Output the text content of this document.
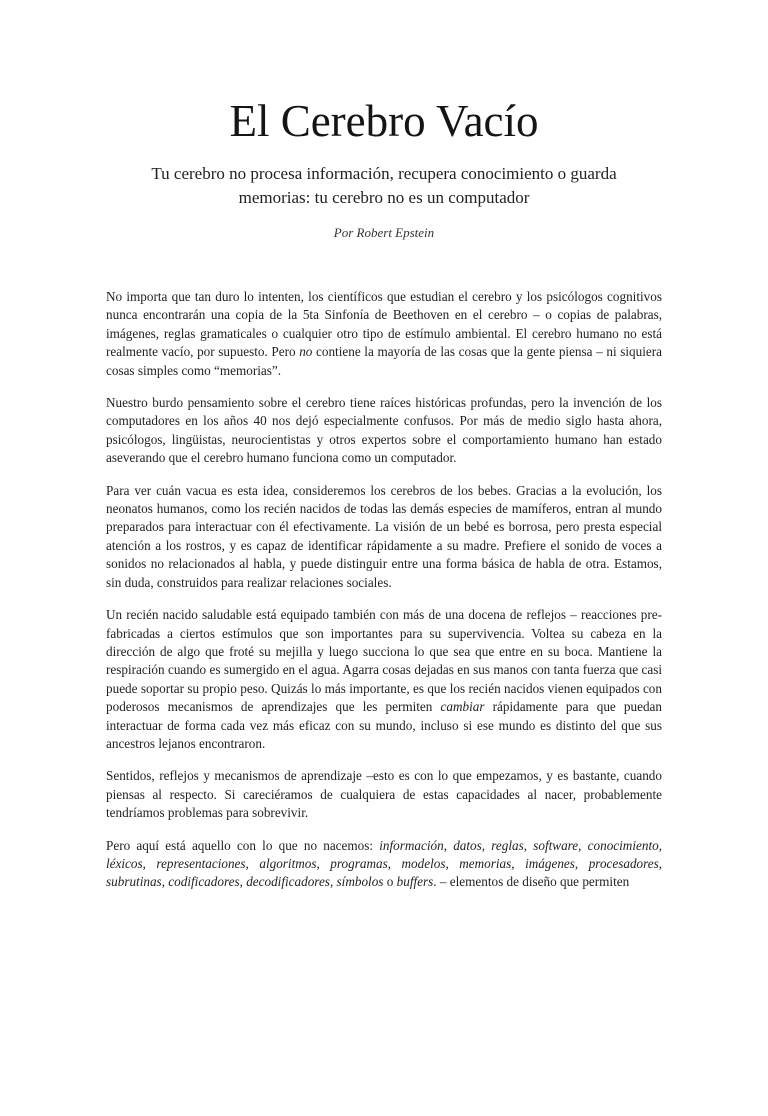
El Cerebro Vacío
Tu cerebro no procesa información, recupera conocimiento o guarda memorias: tu cerebro no es un computador
Por Robert Epstein

No importa que tan duro lo intenten, los científicos que estudian el cerebro y los psicólogos cognitivos nunca encontrarán una copia de la 5ta Sinfonía de Beethoven en el cerebro – o copias de palabras, imágenes, reglas gramaticales o cualquier otro tipo de estímulo ambiental. El cerebro humano no está realmente vacío, por supuesto. Pero no contiene la mayoría de las cosas que la gente piensa – ni siquiera cosas simples como “memorias”.

Nuestro burdo pensamiento sobre el cerebro tiene raíces históricas profundas, pero la invención de los computadores en los años 40 nos dejó especialmente confusos. Por más de medio siglo hasta ahora, psicólogos, lingüistas, neurocientistas y otros expertos sobre el comportamiento humano han estado aseverando que el cerebro humano funciona como un computador.

Para ver cuán vacua es esta idea, consideremos los cerebros de los bebes. Gracias a la evolución, los neonatos humanos, como los recién nacidos de todas las demás especies de mamíferos, entran al mundo preparados para interactuar con él efectivamente. La visión de un bebé es borrosa, pero presta especial atención a los rostros, y es capaz de identificar rápidamente a su madre. Prefiere el sonido de voces a sonidos no relacionados al habla, y puede distinguir entre una forma básica de habla de otra. Estamos, sin duda, construidos para realizar relaciones sociales.

Un recién nacido saludable está equipado también con más de una docena de reflejos – reacciones pre-fabricadas a ciertos estímulos que son importantes para su supervivencia. Voltea su cabeza en la dirección de algo que froté su mejilla y luego succiona lo que sea que entre en su boca. Mantiene la respiración cuando es sumergido en el agua. Agarra cosas dejadas en sus manos con tanta fuerza que casi puede soportar su propio peso. Quizás lo más importante, es que los recién nacidos vienen equipados con poderosos mecanismos de aprendizajes que les permiten cambiar rápidamente para que puedan interactuar de forma cada vez más eficaz con su mundo, incluso si ese mundo es distinto del que sus ancestros lejanos encontraron.

Sentidos, reflejos y mecanismos de aprendizaje –esto es con lo que empezamos, y es bastante, cuando piensas al respecto. Si careciéramos de cualquiera de estas capacidades al nacer, probablemente tendríamos problemas para sobrevivir.

Pero aquí está aquello con lo que no nacemos: información, datos, reglas, software, conocimiento, léxicos, representaciones, algoritmos, programas, modelos, memorias, imágenes, procesadores, subrutinas, codificadores, decodificadores, símbolos o buffers. – elementos de diseño que permiten
